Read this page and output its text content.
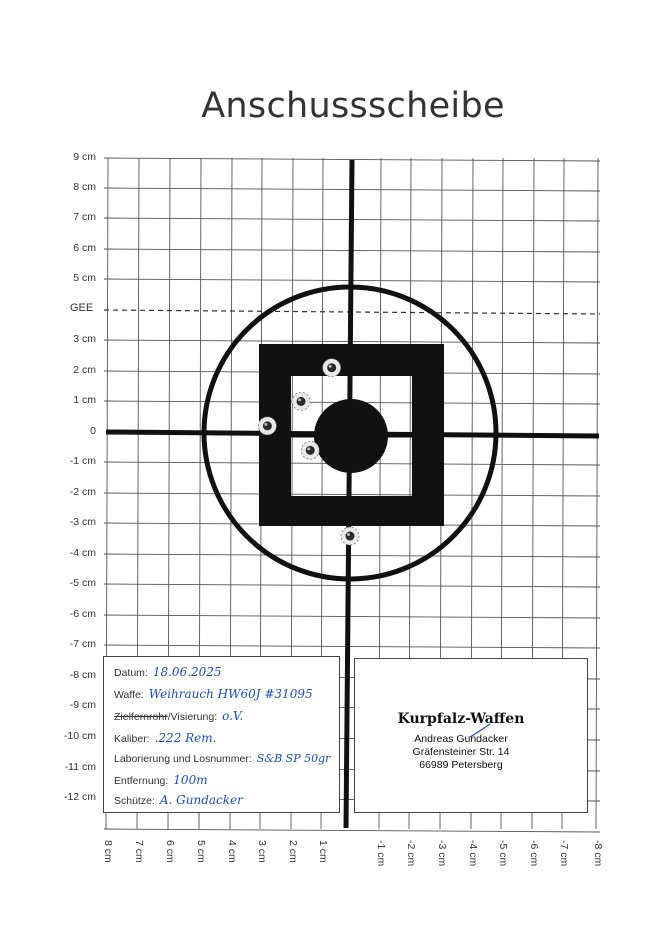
Anschussscheibe
GEE
9 cm
8 cm
7 cm
6 cm
5 cm
3 cm
2 cm
1 cm
0
-1 cm
-2 cm
-3 cm
-4 cm
-5 cm
-6 cm
-7 cm
-8 cm
-9 cm
-10 cm
-11 cm
-12 cm
8 cm 7 cm 6 cm 5 cm 4 cm 3 cm 2 cm 1 cm	-1 cm -2 cm -3 cm -4 cm -5 cm -6 cm -7 cm -8 cm
Datum: 18.06.2025
Waffe: Weihrauch HW60J #31095
Zielfernrohr/Visierung: o.V.
Kaliber: .222 Rem.
Laborierung und Losnummer: S&B SP 50gr
Entfernung: 100m
Schütze: A. Gundacker
Kurpfalz-Waffen
Andreas Gundacker
Gräfensteiner Str. 14
66989 Petersberg
